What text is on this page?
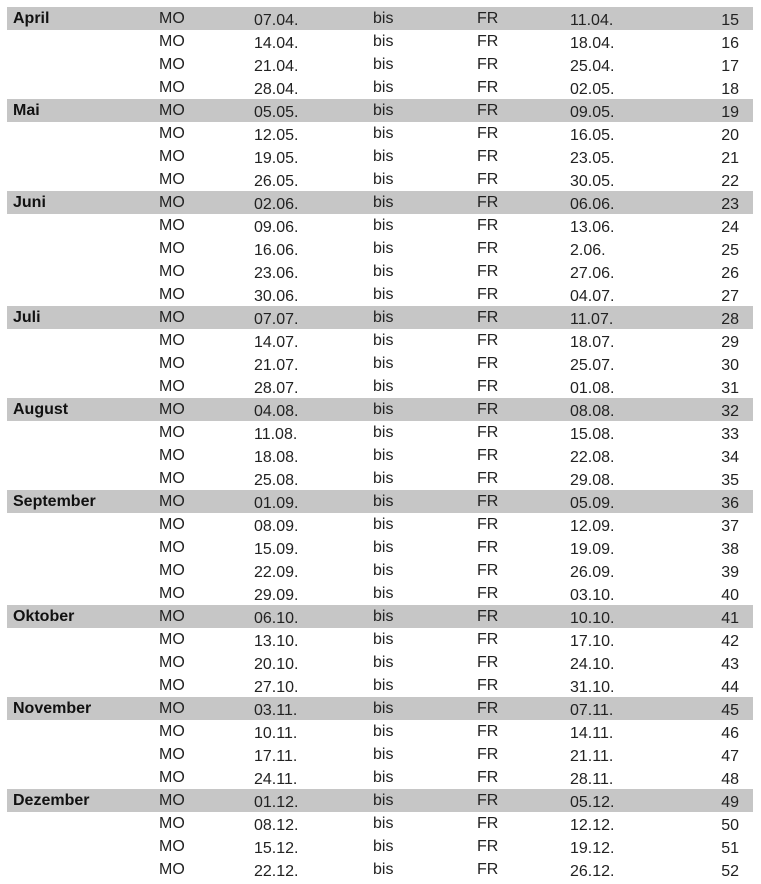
April	MO	07.04.	bis	FR	11.04.	15
MO	14.04.	bis	FR	18.04.	16
MO	21.04.	bis	FR	25.04.	17
MO	28.04.	bis	FR	02.05.	18
Mai	MO	05.05.	bis	FR	09.05.	19
MO	12.05.	bis	FR	16.05.	20
MO	19.05.	bis	FR	23.05.	21
MO	26.05.	bis	FR	30.05.	22
Juni	MO	02.06.	bis	FR	06.06.	23
MO	09.06.	bis	FR	13.06.	24
MO	16.06.	bis	FR	2.06.	25
MO	23.06.	bis	FR	27.06.	26
MO	30.06.	bis	FR	04.07.	27
Juli	MO	07.07.	bis	FR	11.07.	28
MO	14.07.	bis	FR	18.07.	29
MO	21.07.	bis	FR	25.07.	30
MO	28.07.	bis	FR	01.08.	31
August	MO	04.08.	bis	FR	08.08.	32
MO	11.08.	bis	FR	15.08.	33
MO	18.08.	bis	FR	22.08.	34
MO	25.08.	bis	FR	29.08.	35
September	MO	01.09.	bis	FR	05.09.	36
MO	08.09.	bis	FR	12.09.	37
MO	15.09.	bis	FR	19.09.	38
MO	22.09.	bis	FR	26.09.	39
MO	29.09.	bis	FR	03.10.	40
Oktober	MO	06.10.	bis	FR	10.10.	41
MO	13.10.	bis	FR	17.10.	42
MO	20.10.	bis	FR	24.10.	43
MO	27.10.	bis	FR	31.10.	44
November	MO	03.11.	bis	FR	07.11.	45
MO	10.11.	bis	FR	14.11.	46
MO	17.11.	bis	FR	21.11.	47
MO	24.11.	bis	FR	28.11.	48
Dezember	MO	01.12.	bis	FR	05.12.	49
MO	08.12.	bis	FR	12.12.	50
MO	15.12.	bis	FR	19.12.	51
MO	22.12.	bis	FR	26.12.	52
